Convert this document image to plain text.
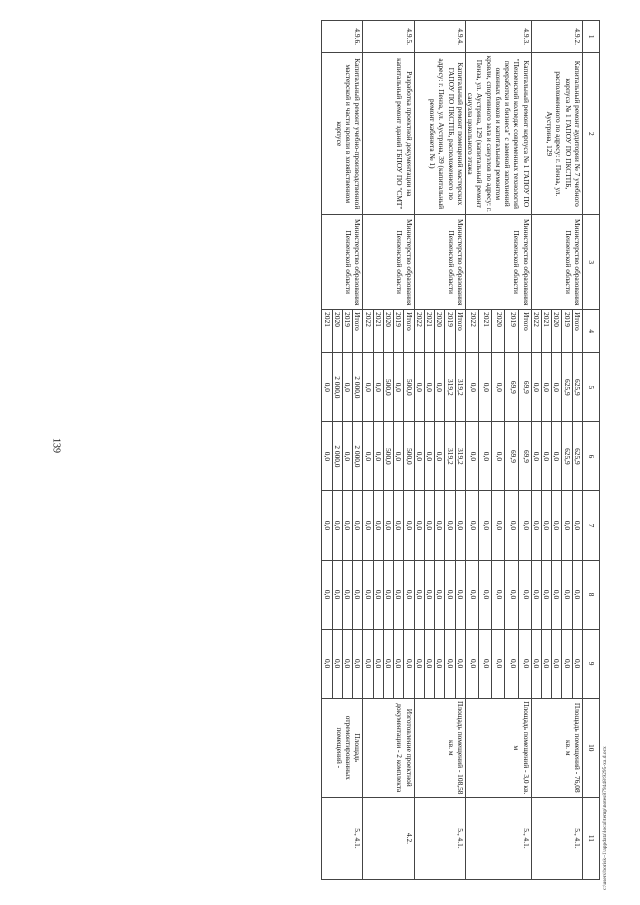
139
c:\users\borisk~1\appdata\local\temp\notes879448\9295-xa.d.ocx
1	2	3	4	5	6	7	8	9	10	11
4.9.2.	Капитальный ремонт аудитории № 7 учебного корпуса № 1 ГАПОУ ПО ПКСТПБ, расположенного по адресу: г. Пенза, ул. Аустрина, 129	Министерство образования Пензенской области	Итого	625,9	625,9	0,0	0,0	0,0	Площадь помещений - 76,08 кв. м	5., 4.1.
			2019	625,9	625,9	0,0	0,0	0,0		
			2020	0,0	0,0	0,0	0,0	0,0		
			2021	0,0	0,0	0,0	0,0	0,0		
			2022	0,0	0,0	0,0	0,0	0,0		
4.9.3.	Капитальный ремонт корпуса № 1 ГАПОУ ПО "Пензенский колледж современных технологий переработки и бизнеса" с заменой заполнений оконных блоков и капитальным ремонтом кровли, спортивного зала и санузлов по адресу: г. Пенза, ул. Аустрина, 129 (капитальный ремонт санузла цокольного этажа	Министерство образования Пензенской области	Итого	69,9	69,9	0,0	0,0	0,0	Площадь помещений - 3,0 кв. м	5., 4.1.
			2019	69,9	69,9	0,0	0,0	0,0		
			2020	0,0	0,0	0,0	0,0	0,0		
			2021	0,0	0,0	0,0	0,0	0,0		
			2022	0,0	0,0	0,0	0,0	0,0		
4.9.4.	Капитальный ремонт помещений мастерских ГАПОУ ПО ПКСТПБ, расположенного по адресу: г. Пенза, ул. Аустрина, 39 (капитальный ремонт кабинета № 1)	Министерство образования Пензенской области	Итого	319,2	319,2	0,0	0,0	0,0	Площадь помещений - 108,58 кв. м	5., 4.1.
			2019	319,2	319,2	0,0	0,0	0,0		
			2020	0,0	0,0	0,0	0,0	0,0		
			2021	0,0	0,0	0,0	0,0	0,0		
			2022	0,0	0,0	0,0	0,0	0,0		
4.9.5.	Разработка проектной документации на капитальный ремонт зданий ГБПОУ ПО "СМТ"	Министерство образования Пензенской области	Итого	500,0	500,0	0,0	0,0	0,0	Изготовление проектной документации - 2 комплекта	4.2.
			2019	0,0	0,0	0,0	0,0	0,0		
			2020	500,0	500,0	0,0	0,0	0,0		
			2021	0,0	0,0	0,0	0,0	0,0		
			2022	0,0	0,0	0,0	0,0	0,0		
4.9.6.	Капитальный ремонт учебно-производственной мастерской и части кровли в хозяйственном корпусе	Министерство образования Пензенской области	Итого	2 000,0	2 000,0	0,0	0,0	0,0	Площадь отремонтированных помещений -	5., 4.1.
			2019	0,0	0,0	0,0	0,0	0,0		
			2020	2 000,0	2 000,0	0,0	0,0	0,0		
			2021	0,0	0,0	0,0	0,0	0,0		
